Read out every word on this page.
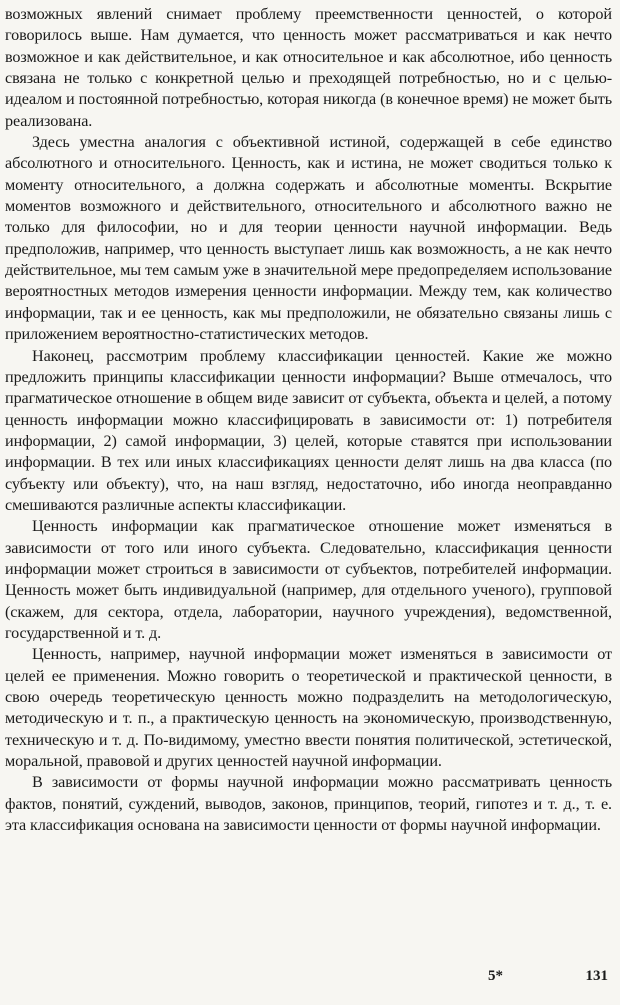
возможных явлений снимает проблему преемственности ценностей, о которой говорилось выше. Нам думается, что ценность может рассматриваться и как нечто возможное и как действительное, и как относительное и как абсолютное, ибо ценность связана не только с конкретной целью и преходящей потребностью, но и с целью-идеалом и постоянной потребностью, которая никогда (в конечное время) не может быть реализована.

Здесь уместна аналогия с объективной истиной, содержащей в себе единство абсолютного и относительного. Ценность, как и истина, не может сводиться только к моменту относительного, а должна содержать и абсолютные моменты. Вскрытие моментов возможного и действительного, относительного и абсолютного важно не только для философии, но и для теории ценности научной информации. Ведь предположив, например, что ценность выступает лишь как возможность, а не как нечто действительное, мы тем самым уже в значительной мере предопределяем использование вероятностных методов измерения ценности информации. Между тем, как количество информации, так и ее ценность, как мы предположили, не обязательно связаны лишь с приложением вероятностно-статистических методов.

Наконец, рассмотрим проблему классификации ценностей. Какие же можно предложить принципы классификации ценности информации? Выше отмечалось, что прагматическое отношение в общем виде зависит от субъекта, объекта и целей, а потому ценность информации можно классифицировать в зависимости от: 1) потребителя информации, 2) самой информации, 3) целей, которые ставятся при использовании информации. В тех или иных классификациях ценности делят лишь на два класса (по субъекту или объекту), что, на наш взгляд, недостаточно, ибо иногда неоправданно смешиваются различные аспекты классификации.

Ценность информации как прагматическое отношение может изменяться в зависимости от того или иного субъекта. Следовательно, классификация ценности информации может строиться в зависимости от субъектов, потребителей информации. Ценность может быть индивидуальной (например, для отдельного ученого), групповой (скажем, для сектора, отдела, лаборатории, научного учреждения), ведомственной, государственной и т. д.

Ценность, например, научной информации может изменяться в зависимости от целей ее применения. Можно говорить о теоретической и практической ценности, в свою очередь теоретическую ценность можно подразделить на методологическую, методическую и т. п., а практическую ценность на экономическую, производственную, техническую и т. д. По-видимому, уместно ввести понятия политической, эстетической, моральной, правовой и других ценностей научной информации.

В зависимости от формы научной информации можно рассматривать ценность фактов, понятий, суждений, выводов, законов, принципов, теорий, гипотез и т. д., т. е. эта классификация основана на зависимости ценности от формы научной информации.

5*	131
